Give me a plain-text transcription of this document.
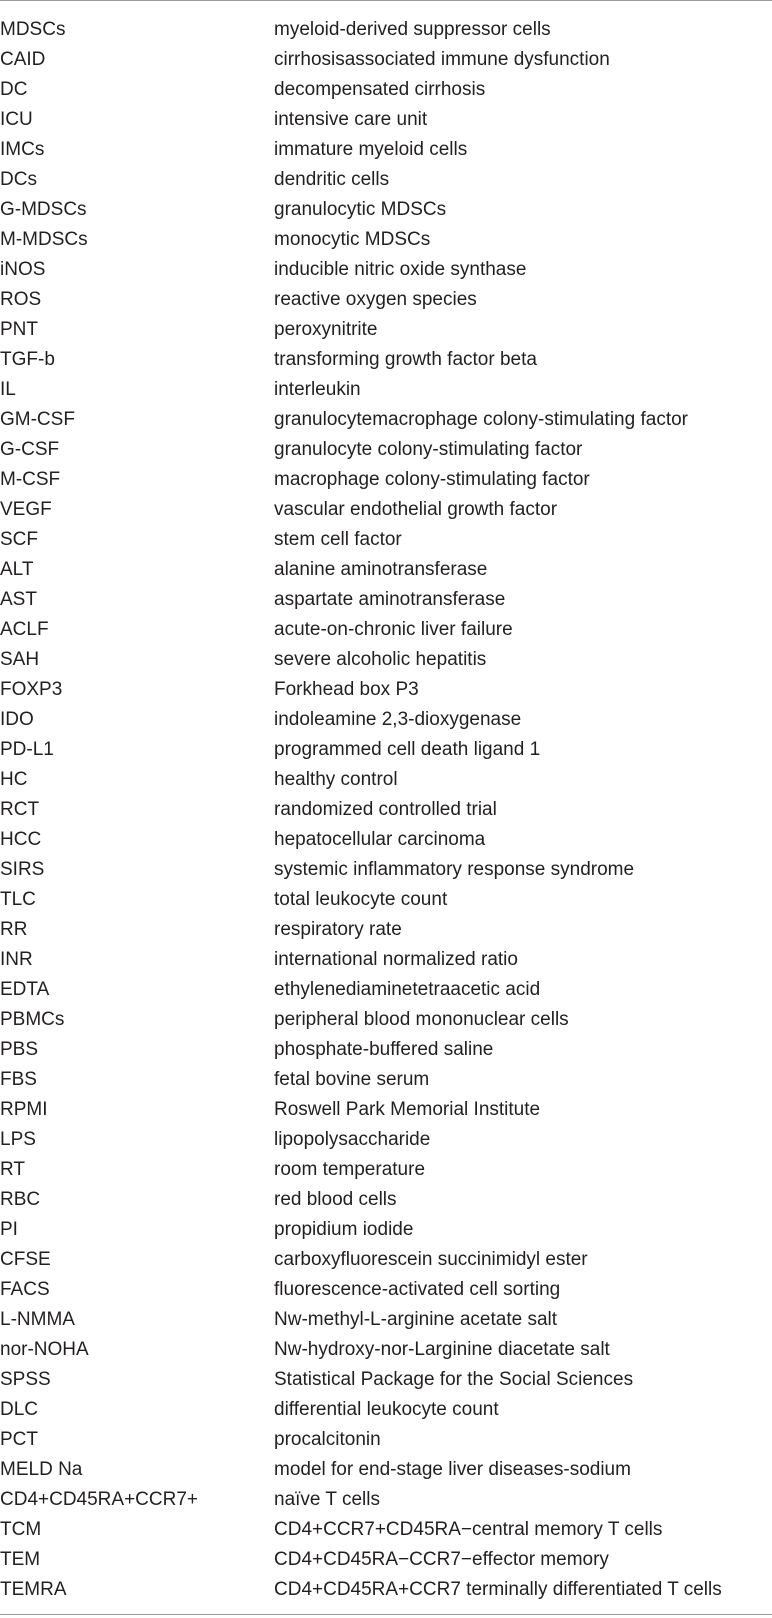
MDSCs	myeloid-derived suppressor cells
CAID	cirrhosisassociated immune dysfunction
DC	decompensated cirrhosis
ICU	intensive care unit
IMCs	immature myeloid cells
DCs	dendritic cells
G-MDSCs	granulocytic MDSCs
M-MDSCs	monocytic MDSCs
iNOS	inducible nitric oxide synthase
ROS	reactive oxygen species
PNT	peroxynitrite
TGF-b	transforming growth factor beta
IL	interleukin
GM-CSF	granulocytemacrophage colony-stimulating factor
G-CSF	granulocyte colony-stimulating factor
M-CSF	macrophage colony-stimulating factor
VEGF	vascular endothelial growth factor
SCF	stem cell factor
ALT	alanine aminotransferase
AST	aspartate aminotransferase
ACLF	acute-on-chronic liver failure
SAH	severe alcoholic hepatitis
FOXP3	Forkhead box P3
IDO	indoleamine 2,3-dioxygenase
PD-L1	programmed cell death ligand 1
HC	healthy control
RCT	randomized controlled trial
HCC	hepatocellular carcinoma
SIRS	systemic inflammatory response syndrome
TLC	total leukocyte count
RR	respiratory rate
INR	international normalized ratio
EDTA	ethylenediaminetetraacetic acid
PBMCs	peripheral blood mononuclear cells
PBS	phosphate-buffered saline
FBS	fetal bovine serum
RPMI	Roswell Park Memorial Institute
LPS	lipopolysaccharide
RT	room temperature
RBC	red blood cells
PI	propidium iodide
CFSE	carboxyfluorescein succinimidyl ester
FACS	fluorescence-activated cell sorting
L-NMMA	Nw-methyl-L-arginine acetate salt
nor-NOHA	Nw-hydroxy-nor-Larginine diacetate salt
SPSS	Statistical Package for the Social Sciences
DLC	differential leukocyte count
PCT	procalcitonin
MELD Na	model for end-stage liver diseases-sodium
CD4+CD45RA+CCR7+	naïve T cells
TCM	CD4+CCR7+CD45RA−central memory T cells
TEM	CD4+CD45RA−CCR7−effector memory
TEMRA	CD4+CD45RA+CCR7 terminally differentiated T cells
